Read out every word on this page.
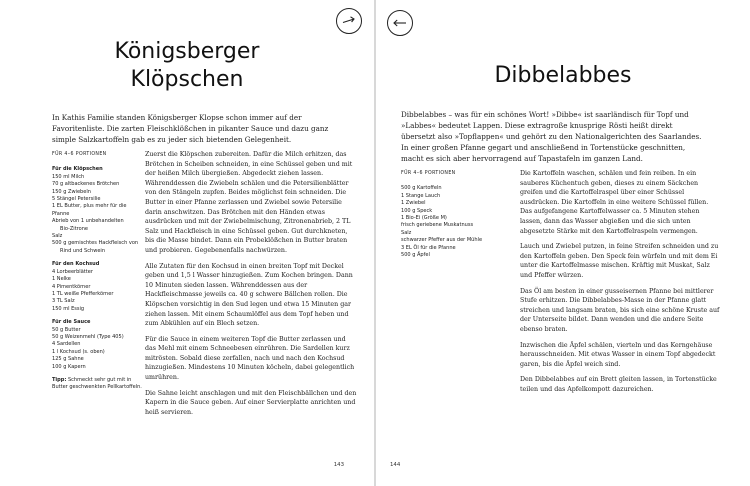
Königsberger
Klöpschen
In Kathis Familie standen Königsberger Klopse schon immer auf der Favoritenliste. Die zarten Fleischklößchen in pikanter Sauce und dazu ganz simple Salzkartoffeln gab es zu jeder sich bietenden Gelegenheit.
FÜR 4–6 PORTIONEN
Für die Klöpschen
150 ml Milch
70 g altbackenes Brötchen
150 g Zwiebeln
5 Stängel Petersilie
1 EL Butter, plus mehr für die Pfanne
Abrieb von 1 unbehandelten
Bio-Zitrone
Salz
500 g gemischtes Hackfleisch von
Rind und Schwein
Für den Kochsud
4 Lorbeerblätter
1 Nelke
4 Pimentkörner
1 TL weiße Pfefferkörner
3 TL Salz
150 ml Essig
Für die Sauce
50 g Butter
50 g Weizenmehl (Type 405)
4 Sardellen
1 l Kochsud (s. oben)
125 g Sahne
100 g Kapern
Tipp: Schmeckt sehr gut mit in Butter geschwenkten Pellkartoffeln.

Zuerst die Klöpschen zubereiten. Dafür die Milch erhitzen, das Brötchen in Scheiben schneiden, in eine Schüssel geben und mit der heißen Milch übergießen. Abgedeckt ziehen lassen. Währenddessen die Zwiebeln schälen und die Petersilienblätter von den Stängeln zupfen. Beides möglichst fein schneiden. Die Butter in einer Pfanne zerlassen und Zwiebel sowie Petersilie darin anschwitzen. Das Brötchen mit den Händen etwas ausdrücken und mit der Zwiebelmischung, Zitronenabrieb, 2 TL Salz und Hackfleisch in eine Schüssel geben. Gut durchkneten, bis die Masse bindet. Dann ein Probeklößchen in Butter braten und probieren. Gegebenenfalls nachwürzen.

Alle Zutaten für den Kochsud in einen breiten Topf mit Deckel geben und 1,5 l Wasser hinzugießen. Zum Kochen bringen. Dann 10 Minuten sieden lassen. Währenddessen aus der Hackfleischmasse jeweils ca. 40 g schwere Bällchen rollen. Die Klöpschen vorsichtig in den Sud legen und etwa 15 Minuten gar ziehen lassen. Mit einem Schaumlöffel aus dem Topf heben und zum Abkühlen auf ein Blech setzen.

Für die Sauce in einem weiteren Topf die Butter zerlassen und das Mehl mit einem Schneebesen einrühren. Die Sardellen kurz mitrösten. Sobald diese zerfallen, nach und nach den Kochsud hinzugießen. Mindestens 10 Minuten köcheln, dabei gelegentlich umrühren.

Die Sahne leicht anschlagen und mit den Fleischbällchen und den Kapern in die Sauce geben. Auf einer Servierplatte anrichten und heiß servieren.

143
Dibbelabbes
Dibbelabbes – was für ein schönes Wort! »Dibbe« ist saarländisch für Topf und »Labbes« bedeutet Lappen. Diese extragroße knusprige Rösti heißt direkt übersetzt also »Topflappen« und gehört zu den Nationalgerichten des Saarlandes. In einer großen Pfanne gegart und anschließend in Tortenstücke geschnitten, macht es sich aber hervorragend auf Tapastafeln im ganzen Land.
FÜR 4–6 PORTIONEN
500 g Kartoffeln
1 Stange Lauch
1 Zwiebel
100 g Speck
1 Bio-Ei (Größe M)
frisch geriebene Muskatnuss
Salz
schwarzer Pfeffer aus der Mühle
3 EL Öl für die Pfanne
500 g Äpfel

Die Kartoffeln waschen, schälen und fein reiben. In ein sauberes Küchentuch geben, dieses zu einem Säckchen greifen und die Kartoffelraspel über einer Schüssel ausdrücken. Die Kartoffeln in eine weitere Schüssel füllen. Das aufgefangene Kartoffelwasser ca. 5 Minuten stehen lassen, dann das Wasser abgießen und die sich unten abgesetzte Stärke mit den Kartoffelraspeln vermengen.

Lauch und Zwiebel putzen, in feine Streifen schneiden und zu den Kartoffeln geben. Den Speck fein würfeln und mit dem Ei unter die Kartoffelmasse mischen. Kräftig mit Muskat, Salz und Pfeffer würzen.

Das Öl am besten in einer gusseisernen Pfanne bei mittlerer Stufe erhitzen. Die Dibbelabbes-Masse in der Pfanne glatt streichen und langsam braten, bis sich eine schöne Kruste auf der Unterseite bildet. Dann wenden und die andere Seite ebenso braten.

Inzwischen die Äpfel schälen, vierteln und das Kerngehäuse herausschneiden. Mit etwas Wasser in einem Topf abgedeckt garen, bis die Äpfel weich sind.

Den Dibbelabbes auf ein Brett gleiten lassen, in Tortenstücke teilen und das Apfelkompott dazureichen.

144
